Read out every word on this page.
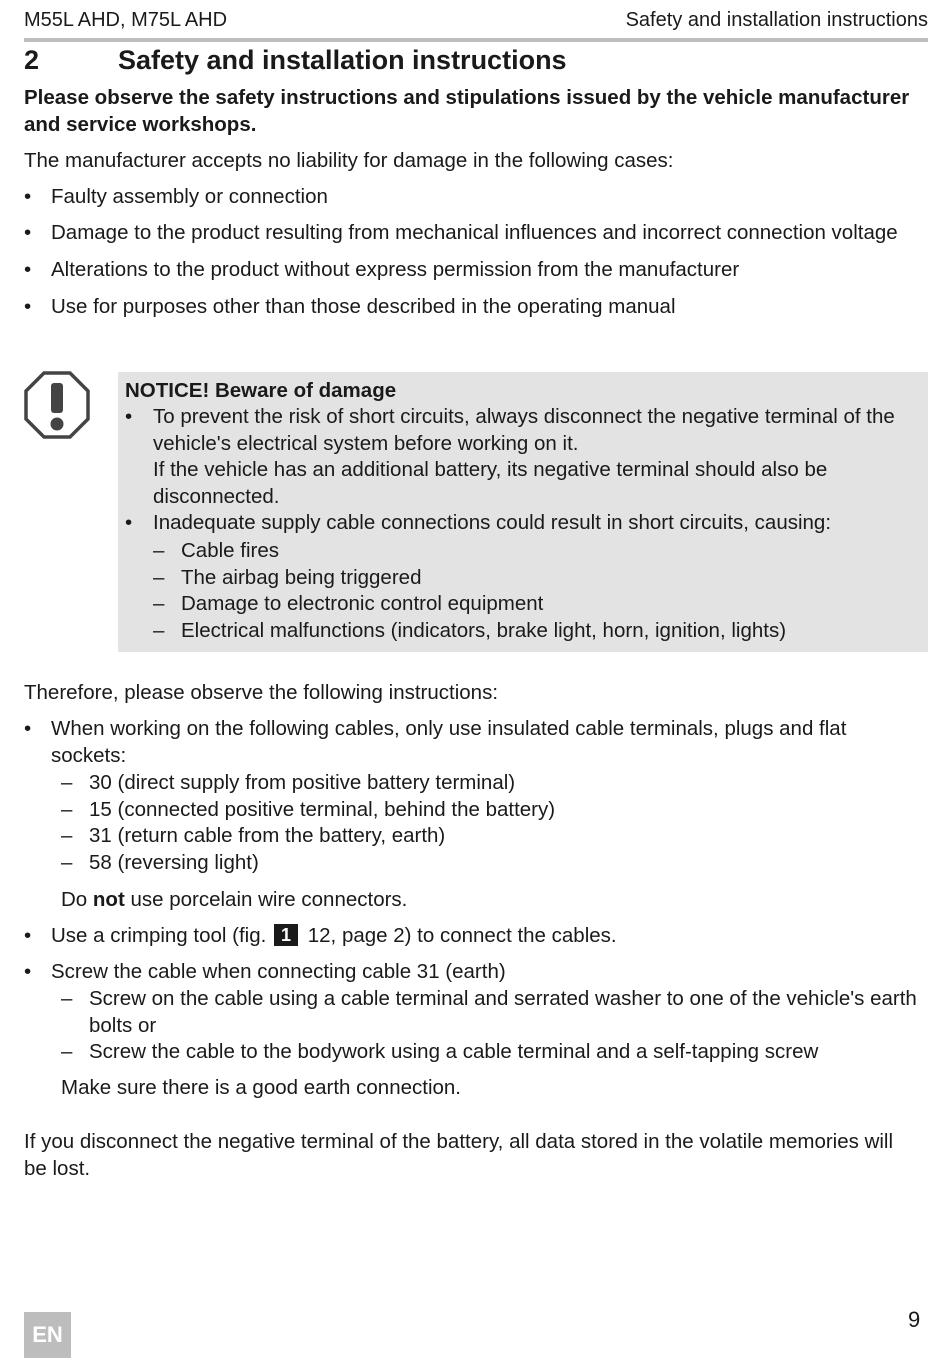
M55L AHD, M75L AHD	Safety and installation instructions
2	Safety and installation instructions
Please observe the safety instructions and stipulations issued by the vehicle manufacturer and service workshops.
The manufacturer accepts no liability for damage in the following cases:
• Faulty assembly or connection
• Damage to the product resulting from mechanical influences and incorrect connection voltage
• Alterations to the product without express permission from the manufacturer
• Use for purposes other than those described in the operating manual
NOTICE! Beware of damage
• To prevent the risk of short circuits, always disconnect the negative terminal of the
vehicle's electrical system before working on it.
If the vehicle has an additional battery, its negative terminal should also be
disconnected.
• Inadequate supply cable connections could result in short circuits, causing:
– Cable fires
– The airbag being triggered
– Damage to electronic control equipment
– Electrical malfunctions (indicators, brake light, horn, ignition, lights)
Therefore, please observe the following instructions:
• When working on the following cables, only use insulated cable terminals, plugs and flat
sockets:
– 30 (direct supply from positive battery terminal)
– 15 (connected positive terminal, behind the battery)
– 31 (return cable from the battery, earth)
– 58 (reversing light)
Do not use porcelain wire connectors.
• Use a crimping tool (fig. 1 12, page 2) to connect the cables.
• Screw the cable when connecting cable 31 (earth)
– Screw on the cable using a cable terminal and serrated washer to one of the vehicle's earth
bolts or
– Screw the cable to the bodywork using a cable terminal and a self-tapping screw
Make sure there is a good earth connection.
If you disconnect the negative terminal of the battery, all data stored in the volatile memories will
be lost.
EN
9
